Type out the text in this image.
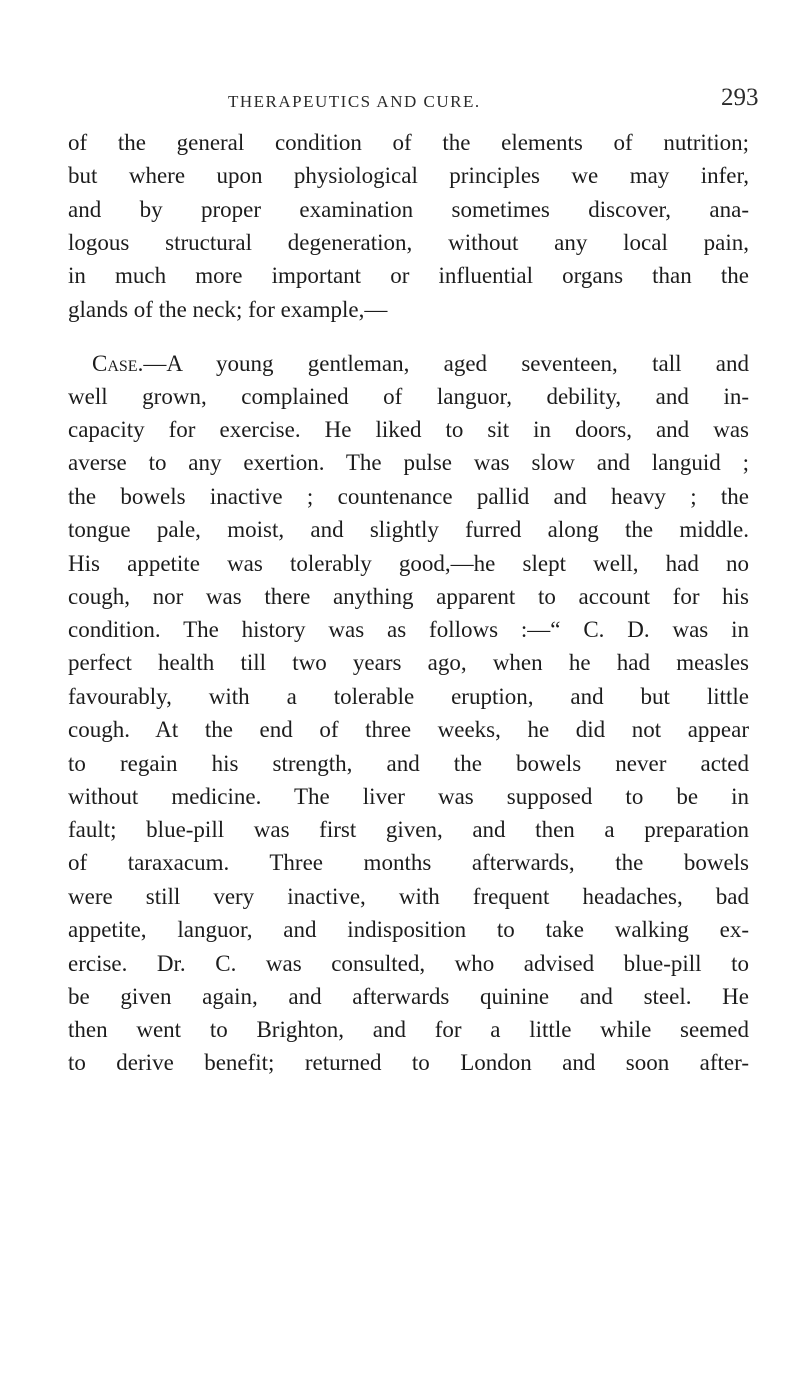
THERAPEUTICS AND CURE.	293
of the general condition of the elements of nutrition;
but where upon physiological principles we may infer,
and by proper examination sometimes discover, ana-
logous structural degeneration, without any local pain,
in much more important or influential organs than the
glands of the neck; for example,—
Case.—A young gentleman, aged seventeen, tall and
well grown, complained of languor, debility, and in-
capacity for exercise. He liked to sit in doors, and was
averse to any exertion. The pulse was slow and languid ;
the bowels inactive ; countenance pallid and heavy ; the
tongue pale, moist, and slightly furred along the middle.
His appetite was tolerably good,—he slept well, had no
cough, nor was there anything apparent to account for his
condition. The history was as follows :—“ C. D. was in
perfect health till two years ago, when he had measles
favourably, with a tolerable eruption, and but little
cough. At the end of three weeks, he did not appear
to regain his strength, and the bowels never acted
without medicine. The liver was supposed to be in
fault; blue-pill was first given, and then a preparation
of taraxacum. Three months afterwards, the bowels
were still very inactive, with frequent headaches, bad
appetite, languor, and indisposition to take walking ex-
ercise. Dr. C. was consulted, who advised blue-pill to
be given again, and afterwards quinine and steel. He
then went to Brighton, and for a little while seemed
to derive benefit; returned to London and soon after-
